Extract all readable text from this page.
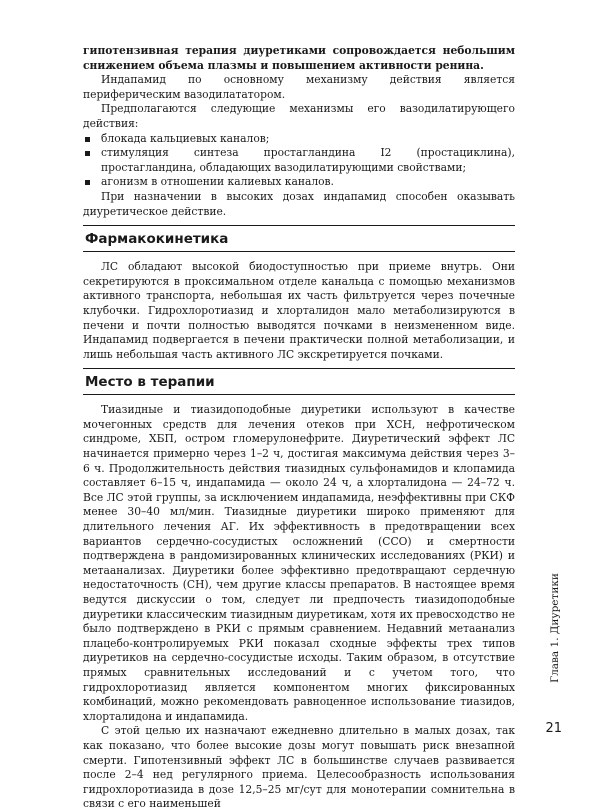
гипотензивная терапия диуретиками сопровождается небольшим снижением объема плазмы и повышением активности ренина.

Индапамид по основному механизму действия является периферическим вазодилататором.

Предполагаются следующие механизмы его вазодилатирующего действия:

блокада кальциевых каналов;
стимуляция синтеза простагландина I2 (простациклина), простагландина, обладающих вазодилатирующими свойствами;
агонизм в отношении калиевых каналов.

При назначении в высоких дозах индапамид способен оказывать диуретическое действие.

Фармакокинетика

ЛС обладают высокой биодоступностью при приеме внутрь. Они секретируются в проксимальном отделе канальца с помощью механизмов активного транспорта, небольшая их часть фильтруется через почечные клубочки. Гидрохлоротиазид и хлорталидон мало метаболизируются в печени и почти полностью выводятся почками в неизмененном виде. Индапамид подвергается в печени практически полной метаболизации, и лишь небольшая часть активного ЛС экскретируется почками.

Место в терапии

Тиазидные и тиазидоподобные диуретики используют в качестве мочегонных средств для лечения отеков при ХСН, нефротическом синдроме, ХБП, остром гломерулонефрите. Диуретический эффект ЛС начинается примерно через 1–2 ч, достигая максимума действия через 3–6 ч. Продолжительность действия тиазидных сульфонамидов и клопамида составляет 6–15 ч, индапамида — около 24 ч, а хлорталидона — 24–72 ч. Все ЛС этой группы, за исключением индапамида, неэффективны при СКФ менее 30–40 мл/мин. Тиазидные диуретики широко применяют для длительного лечения АГ. Их эффективность в предотвращении всех вариантов сердечно-сосудистых осложнений (ССО) и смертности подтверждена в рандомизированных клинических исследованиях (РКИ) и метаанализах. Диуретики более эффективно предотвращают сердечную недостаточность (СН), чем другие классы препаратов. В настоящее время ведутся дискуссии о том, следует ли предпочесть тиазидоподобные диуретики классическим тиазидным диуретикам, хотя их превосходство не было подтверждено в РКИ с прямым сравнением. Недавний метаанализ плацебо-контролируемых РКИ показал сходные эффекты трех типов диуретиков на сердечно-сосудистые исходы. Таким образом, в отсутствие прямых сравнительных исследований и с учетом того, что гидрохлоротиазид является компонентом многих фиксированных комбинаций, можно рекомендовать равноценное использование тиазидов, хлорталидона и индапамида.

С этой целью их назначают ежедневно длительно в малых дозах, так как показано, что более высокие дозы могут повышать риск внезапной смерти. Гипотензивный эффект ЛС в большинстве случаев развивается после 2–4 нед регулярного приема. Целесообразность использования гидрохлоротиазида в дозе 12,5–25 мг/сут для монотерапии сомнительна в связи с его наименьшей

Глава 1. Диуретики
21
